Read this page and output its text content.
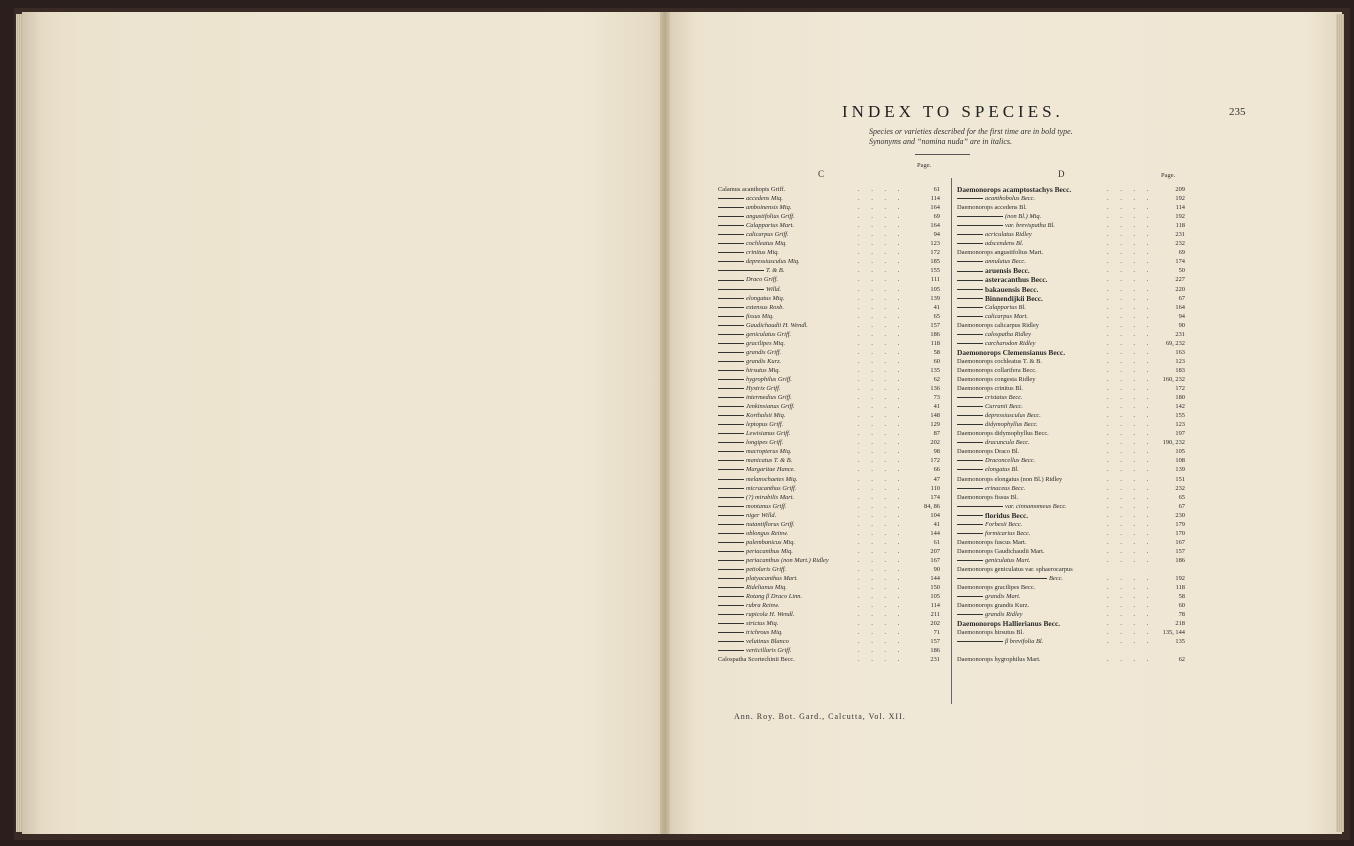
INDEX TO SPECIES.	235
Species or varieties described for the first time are in bold type.
Synonyms and “nomina nuda” are in italics.
C
Page.
D	Page.
Calamus acanthopis Griff.	. . . .	61
accedens Miq.	. . . .	114
amboinensis Miq.	. . . .	164
angustifolius Griff.	. . . .	69
Calapparius Mart.	. . . .	164
calicarpus Griff.	. . . .	94
cochleatus Miq.	. . . .	123
crinitus Miq.	. . . .	172
depressiusculus Miq.	. . . .	185
T. & B.	. . . .	155
Draco Griff.	. . . .	111
Willd.	. . . .	105
elongatus Miq.	. . . .	139
extensus Roxb.	. . . .	41
fissus Miq.	. . . .	65
Gaudichaudii H. Wendl.	. . . .	157
geniculatus Griff.	. . . .	186
gracilipes Miq.	. . . .	118
grandis Griff.	. . . .	58
grandis Kurz.	. . . .	60
hirsutus Miq.	. . . .	135
hygrophilus Griff.	. . . .	62
Hystrix Griff.	. . . .	136
intermedius Griff.	. . . .	73
Jenkinsianus Griff.	. . . .	41
Korthalsii Miq.	. . . .	148
leptopus Griff.	. . . .	129
Lewisianus Griff.	. . . .	87
longipes Griff.	. . . .	202
macropterus Miq.	. . . .	98
manicatus T. & B.	. . . .	172
Margaritae Hance.	. . . .	66
melanochaetes Miq.	. . . .	47
micracanthus Griff.	. . . .	110
(?) mirabilis Mart.	. . . .	174
montanus Griff.	. . . .	84, 86
niger Willd.	. . . .	104
nutantiflorus Griff.	. . . .	41
oblongus Reinw.	. . . .	144
palembanicus Miq.	. . . .	61
periacanthus Miq.	. . . .	207
periacanthus (non Mart.) Ridley	. . . .	167
petiolaris Griff.	. . . .	90
platyacanthus Mart.	. . . .	144
Ridelianus Miq.	. . . .	150
Rotang β Draco Linn.	. . . .	105
rubra Reinw.	. . . .	114
rupicola H. Wendl.	. . . .	211
strictus Miq.	. . . .	202
trichrous Miq.	. . . .	71
velutinus Blanco	. . . .	157
verticillaris Griff.	. . . .	186
Calospatha Scortechinii Becc.	. . . .	231
Daemonorops acamptostachys Becc.	. . . .	209
acanthobolus Becc.	. . . .	192
Daemonorops accedens Bl.	. . . .	114
(non Bl.) Miq.	. . . .	192
var. brevispatha Bl.	. . . .	118
acriculatus Ridley	. . . .	231
adscendens Bl.	. . . .	232
Daemonorops angustifolius Mart.	. . . .	69
annulatus Becc.	. . . .	174
aruensis Becc.	. . . .	50
asteracanthus Becc.	. . . .	227
bakauensis Becc.	. . . .	220
Binnendijkii Becc.	. . . .	67
Calapparius Bl.	. . . .	164
calicarpus Mart.	. . . .	94
Daemonorops calicarpus Ridley	. . . .	90
calospatha Ridley	. . . .	231
carcharodon Ridley	. . . .	69, 232
Daemonorops Clemensianus Becc.	. . . .	163
Daemonorops cochleatus T. & B.	. . . .	123
Daemonorops collarifera Becc.	. . . .	183
Daemonorops congesta Ridley	. . . .	160, 232
Daemonorops crinitus Bl.	. . . .	172
cristatus Becc.	. . . .	180
Curranii Becc.	. . . .	142
depressiusculus Becc.	. . . .	155
didymophyllus Becc.	. . . .	123
Daemonorops didymophyllus Becc.	. . . .	197
dracuncula Becc.	. . . .	190, 232
Daemonorops Draco Bl.	. . . .	105
Draconcellus Becc.	. . . .	108
elongatus Bl.	. . . .	139
Daemonorops elongatus (non Bl.) Ridley	. . . .	151
erinaceus Becc.	. . . .	232
Daemonorops fissus Bl.	. . . .	65
var. cinnamomeus Becc.	. . . .	67
floridus Becc.	. . . .	230
Forbesii Becc.	. . . .	179
formicarius Becc.	. . . .	170
Daemonorops fuscus Mart.	. . . .	167
Daemonorops Gaudichaudii Mart.	. . . .	157
geniculatus Mart.	. . . .	186
Daemonorops geniculatus var. sphaerocarpus
Becc.	. . . .	192
Daemonorops gracilipes Becc.	. . . .	118
grandis Mart.	. . . .	58
Daemonorops grandis Kurz.	. . . .	60
grandis Ridley	. . . .	78
Daemonorops Hallierianus Becc.	. . . .	218
Daemonorops hirsutus Bl.	. . . .	135, 144
β brevifolia Bl.	. . . .	135
Daemonorops hygrophilus Mart.	. . . .	62
Ann. Roy. Bot. Gard., Calcutta, Vol. XII.
